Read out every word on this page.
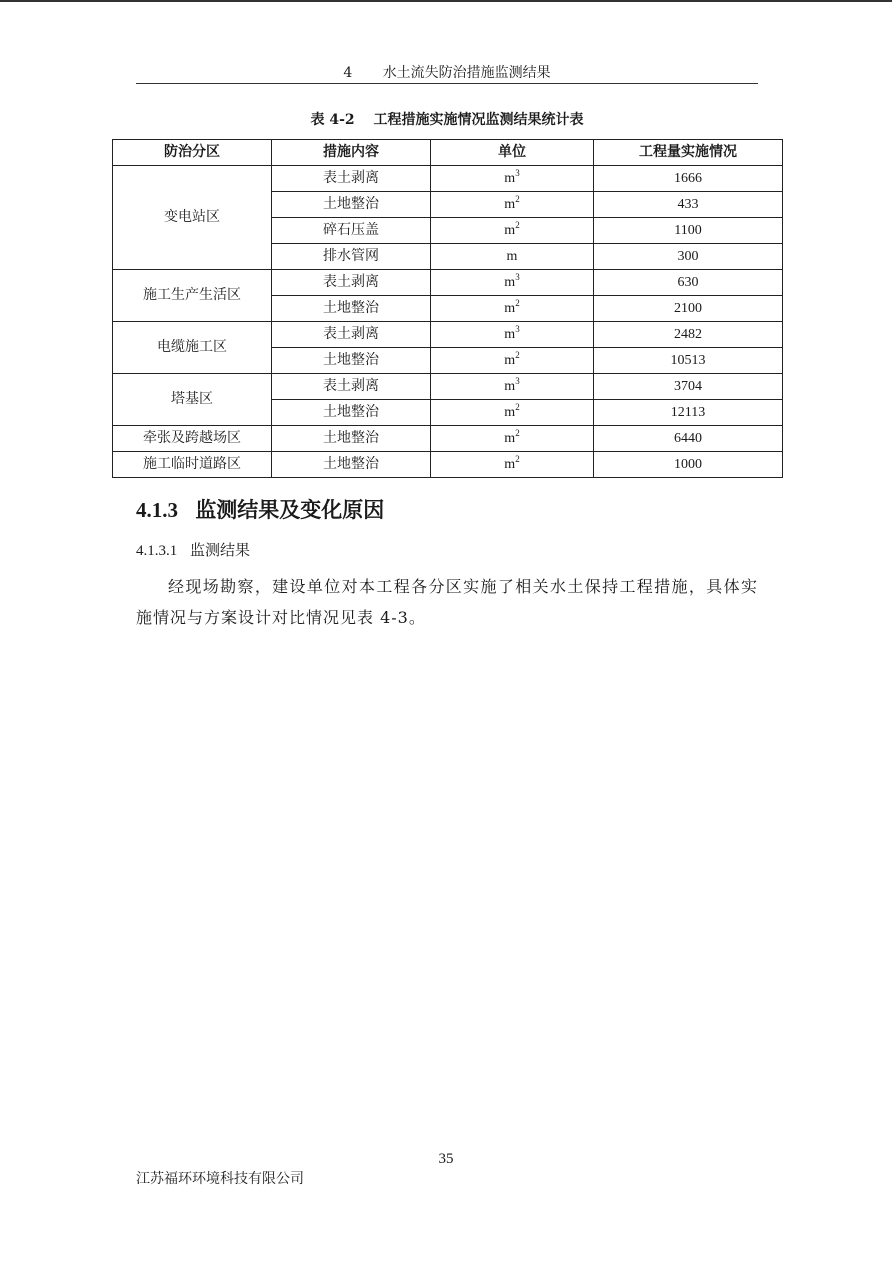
4 水土流失防治措施监测结果
表 4-2 工程措施实施情况监测结果统计表
防治分区	措施内容	单位	工程量实施情况
变电站区	表土剥离	$m^3$	1666
	土地整治	$m^2$	433
	碎石压盖	$m^2$	1100
	排水管网	m	300
施工生产生活区	表土剥离	$m^3$	630
	土地整治	$m^2$	2100
电缆施工区	表土剥离	$m^3$	2482
	土地整治	$m^2$	10513
塔基区	表土剥离	$m^3$	3704
	土地整治	$m^2$	12113
牵张及跨越场区	土地整治	$m^2$	6440
施工临时道路区	土地整治	$m^2$	1000
4.1.3 监测结果及变化原因
4.1.3.1 监测结果
经现场勘察，建设单位对本工程各分区实施了相关水土保持工程措施，具体实施情况与方案设计对比情况见表 4-3。
35
江苏福环环境科技有限公司
